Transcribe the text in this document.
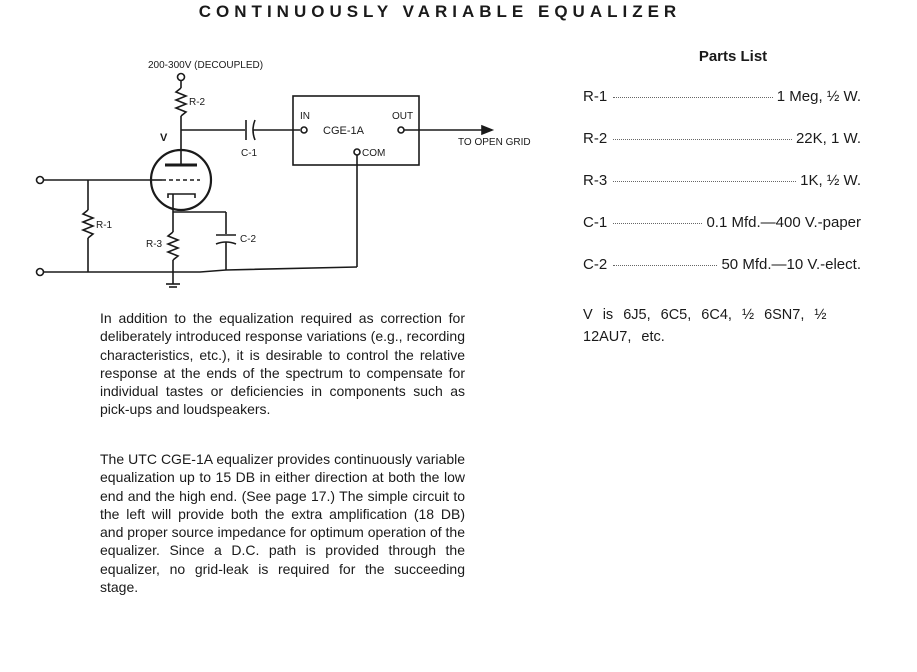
CONTINUOUSLY VARIABLE EQUALIZER
200-300V (DECOUPLED)
R-2
V
C-1
IN
CGE-1A
OUT
COM
TO OPEN GRID
R-1
R-3	C-2
Parts List
R-1	1 Meg, ½ W.
R-2	22K, 1 W.
R-3	1K, ½ W.
C-1	0.1 Mfd.—400 V.-paper
C-2	50 Mfd.—10 V.-elect.
V is 6J5, 6C5, 6C4, ½ 6SN7, ½ 12AU7, etc.

In addition to the equalization required as correction for deliberately introduced response variations (e.g., recording characteristics, etc.), it is desirable to control the relative response at the ends of the spectrum to compensate for individual tastes or deficiencies in components such as pick-ups and loudspeakers.

The UTC CGE-1A equalizer provides continuously variable equalization up to 15 DB in either direction at both the low end and the high end. (See page 17.) The simple circuit to the left will provide both the extra amplification (18 DB) and proper source impedance for optimum operation of the equalizer. Since a D.C. path is provided through the equalizer, no grid-leak is required for the succeeding stage.
